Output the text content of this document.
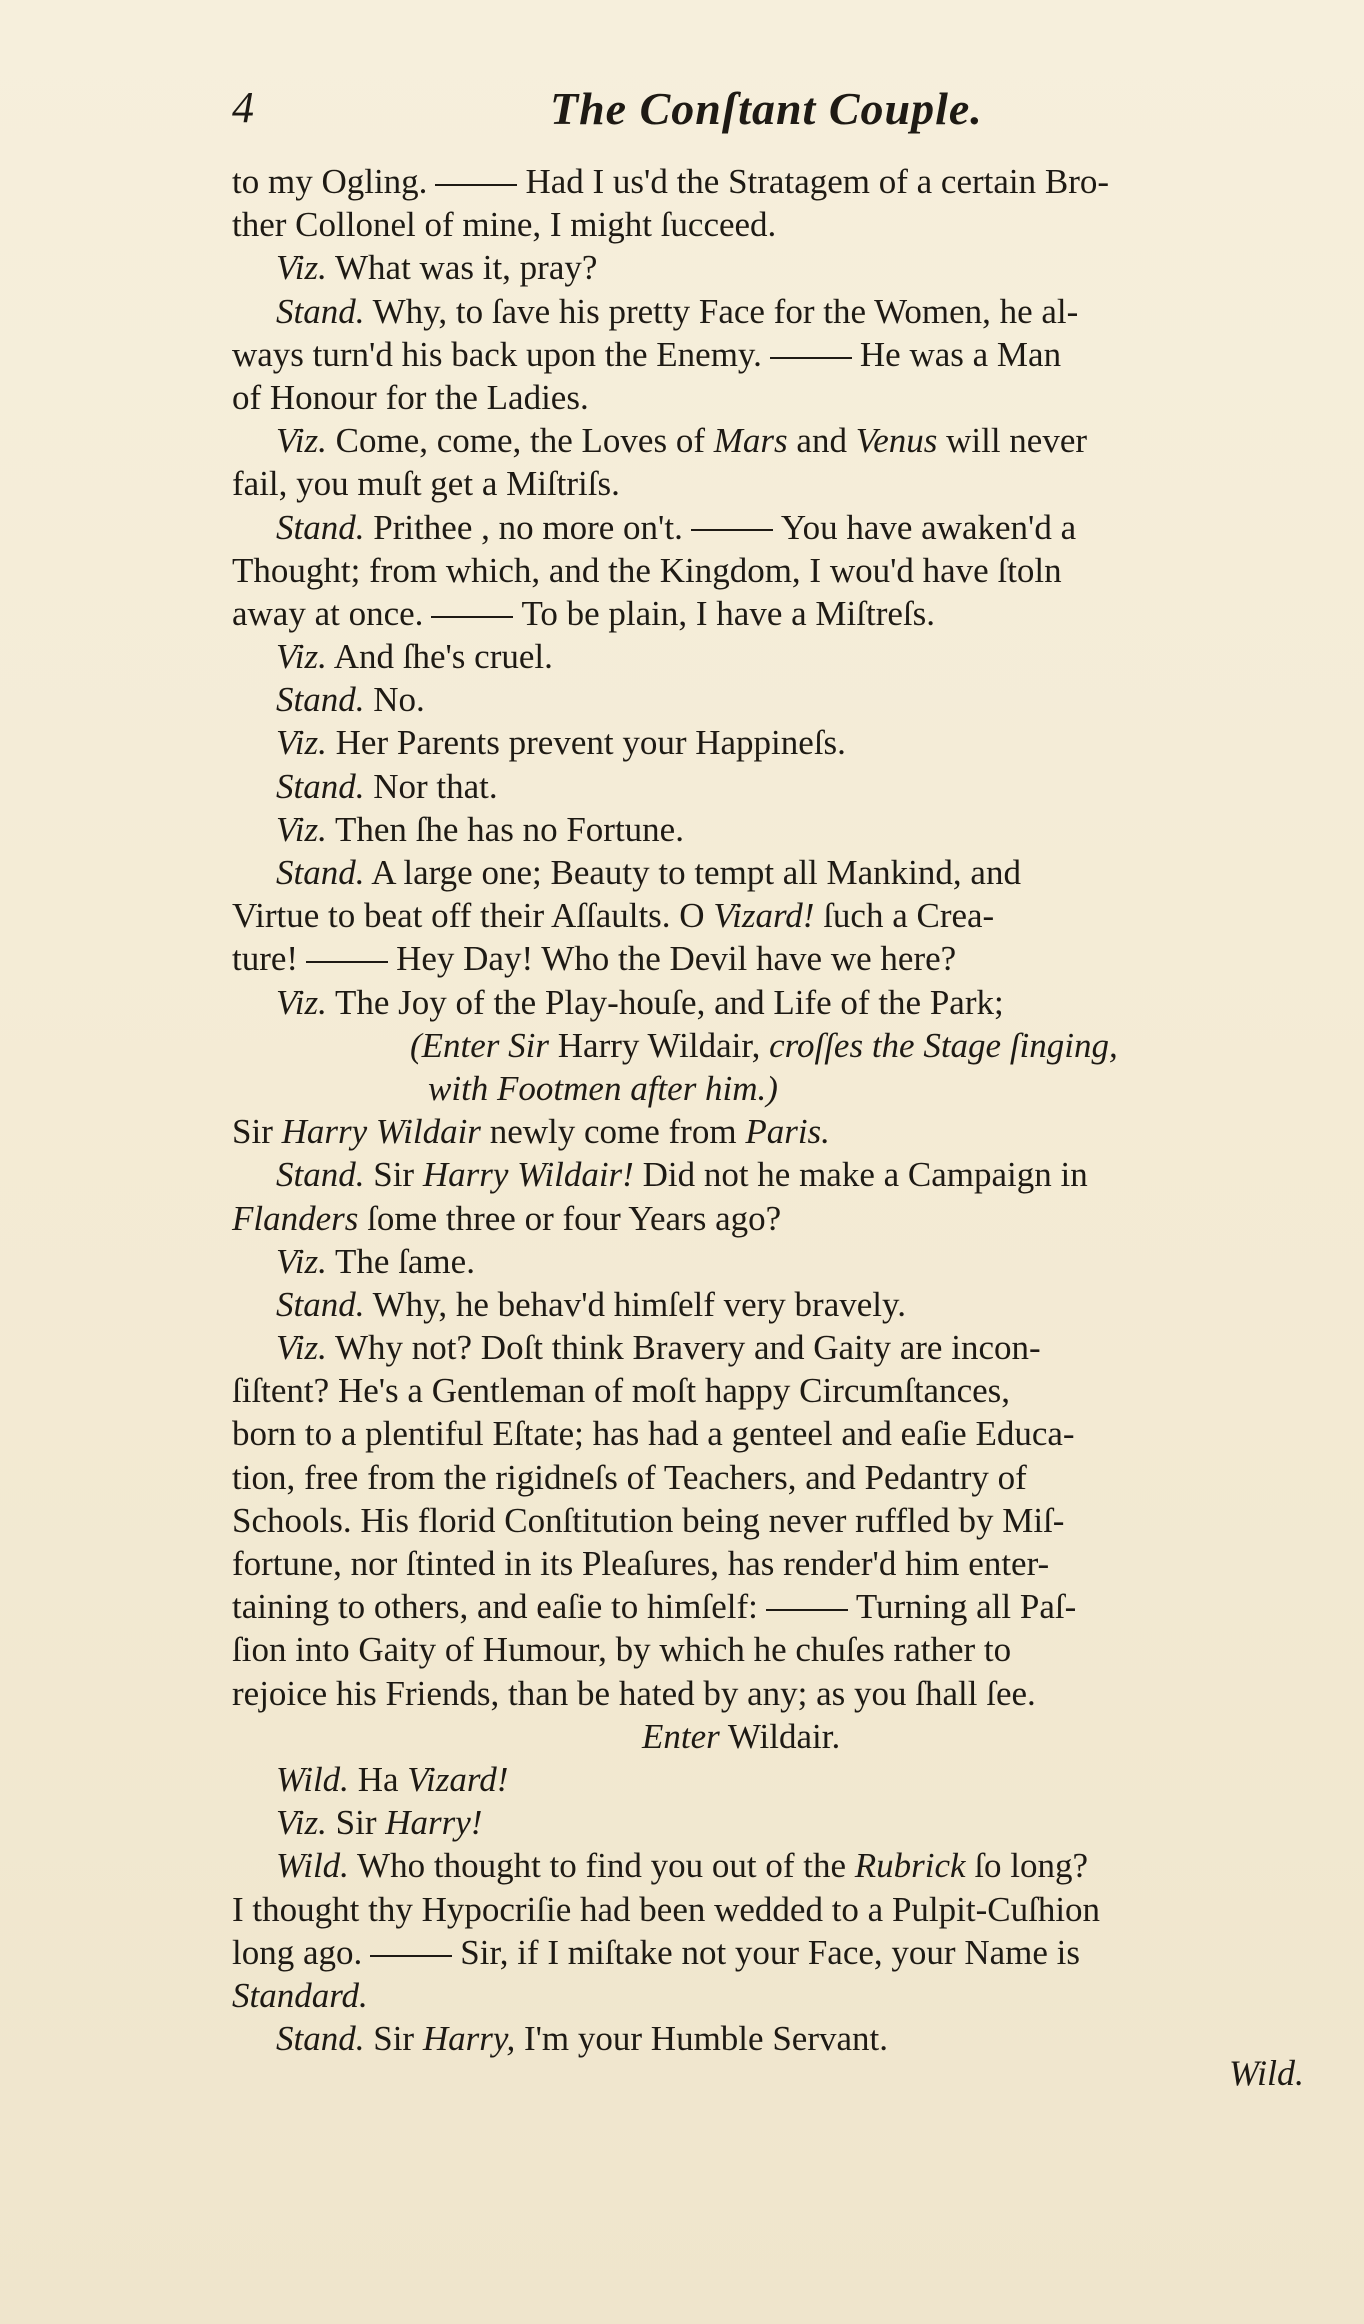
4	The Conſtant Couple.
to my Ogling.	Had I us'd the Stratagem of a certain Bro-
ther Collonel of mine, I might ſucceed.
Viz. What was it, pray?
Stand. Why, to ſave his pretty Face for the Women, he al-
ways turn'd his back upon the Enemy.	He was a Man
of Honour for the Ladies.
Viz. Come, come, the Loves of Mars and Venus will never
fail, you muſt get a Miſtriſs.
Stand. Prithee , no more on't.	You have awaken'd a
Thought; from which, and the Kingdom, I wou'd have ſtoln
away at once.	To be plain, I have a Miſtreſs.
Viz. And ſhe's cruel.
Stand. No.
Viz. Her Parents prevent your Happineſs.
Stand. Nor that.
Viz. Then ſhe has no Fortune.
Stand. A large one; Beauty to tempt all Mankind, and
Virtue to beat off their Aſſaults. O Vizard! ſuch a Crea-
ture!	Hey Day! Who the Devil have we here?
Viz. The Joy of the Play-houſe, and Life of the Park;
(Enter Sir Harry Wildair, croſſes the Stage ſinging,
with Footmen after him.)
Sir Harry Wildair newly come from Paris.
Stand. Sir Harry Wildair! Did not he make a Campaign in
Flanders ſome three or four Years ago?
Viz. The ſame.
Stand. Why, he behav'd himſelf very bravely.
Viz. Why not? Doſt think Bravery and Gaity are incon-
ſiſtent? He's a Gentleman of moſt happy Circumſtances,
born to a plentiful Eſtate; has had a genteel and eaſie Educa-
tion, free from the rigidneſs of Teachers, and Pedantry of
Schools. His florid Conſtitution being never ruffled by Miſ-
fortune, nor ſtinted in its Pleaſures, has render'd him enter-
taining to others, and eaſie to himſelf:	Turning all Paſ-
ſion into Gaity of Humour, by which he chuſes rather to
rejoice his Friends, than be hated by any; as you ſhall ſee.
Enter Wildair.
Wild. Ha Vizard!
Viz. Sir Harry!
Wild. Who thought to find you out of the Rubrick ſo long?
I thought thy Hypocriſie had been wedded to a Pulpit-Cuſhion
long ago.	Sir, if I miſtake not your Face, your Name is
Standard.
Stand. Sir Harry, I'm your Humble Servant.
Wild.
